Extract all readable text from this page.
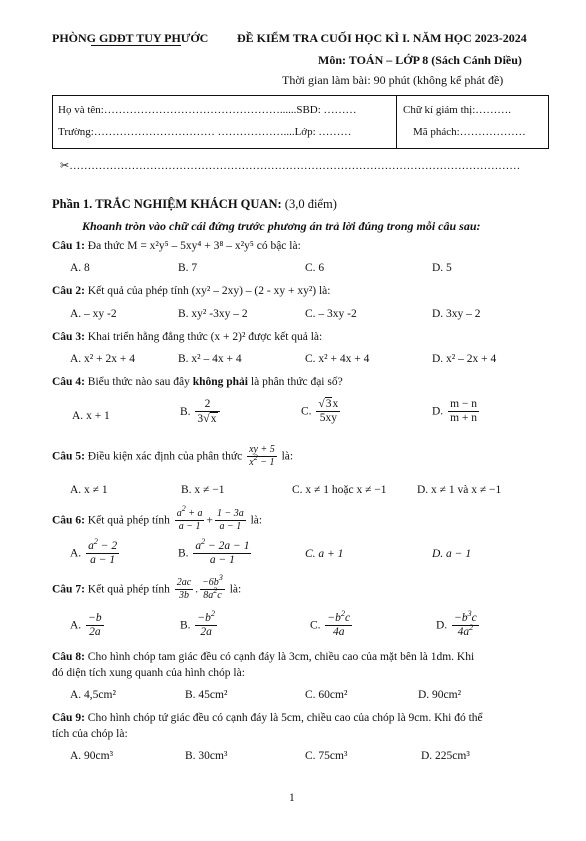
PHÒNG GDĐT TUY PHƯỚC ĐỀ KIỂM TRA CUỐI HỌC KÌ I. NĂM HỌC 2023-2024
Môn: TOÁN – LỚP 8 (Sách Cánh Diều)
Thời gian làm bài: 90 phút (không kể phát đề)
Họ và tên:…………………………………………......SBD: ………
Trường:…………………………… ………………....Lớp: ………
Chữ kí giám thị:……….
Mã phách:………………
✂……………………………………………………………………………………………………………
Phần 1. TRẮC NGHIỆM KHÁCH QUAN: (3,0 điểm)
Khoanh tròn vào chữ cái đứng trước phương án trả lời đúng trong mỗi câu sau:
Câu 1: Đa thức M = x²y⁵ – 5xy⁴ + 3⁸ – x²y⁵ có bậc là:
A. 8	B. 7	C. 6	D. 5
Câu 2: Kết quả của phép tính (xy² – 2xy) – (2 - xy + xy²) là:
A. – xy -2	B. xy² -3xy – 2	C. – 3xy -2	D. 3xy – 2
Câu 3: Khai triển hằng đẳng thức (x + 2)² được kết quả là:
A. x² + 2x + 4	B. x² – 4x + 4	C. x² + 4x + 4	D. x² – 2x + 4
Câu 4: Biểu thức nào sau đây không phải là phân thức đại số?
A. x + 1	B. $\frac{2}{3√x}$	C. $\frac{√3x}{5xy}$	D. $\frac{m - n}{m + n}$
Câu 5: Điều kiện xác định của phân thức $\frac{xy + 5}{x^2 - 1}$ là:
A. x ≠ 1	B. x ≠ −1	C. x ≠ 1 hoặc x ≠ −1	D. x ≠ 1 và x ≠ −1
Câu 6: Kết quả phép tính $\frac{a^2 + a}{a - 1} + \frac{1 - 3a}{a - 1}$ là:
A. $\frac{a^2 - 2}{a - 1}$	B. $\frac{a^2 - 2a - 1}{a - 1}$	C. a + 1	D. a − 1
Câu 7: Kết quả phép tính $\frac{2ac}{3b}$ . $\frac{-6b^3}{8a^2c}$ là:
A. $\frac{-b}{2a}$	B. $\frac{-b^2}{2a}$	C. $\frac{-b^2c}{4a}$	D. $\frac{-b^3c}{4a^2}$
Câu 8: Cho hình chóp tam giác đều có cạnh đáy là 3cm, chiều cao của mặt bên là 1dm. Khi
đó diện tích xung quanh của hình chóp là:
A. 4,5cm²	B. 45cm²	C. 60cm²	D. 90cm²
Câu 9: Cho hình chóp tứ giác đều có cạnh đáy là 5cm, chiều cao của chóp là 9cm. Khi đó thể
tích của chóp là:
A. 90cm³	B. 30cm³	C. 75cm³	D. 225cm³
1
